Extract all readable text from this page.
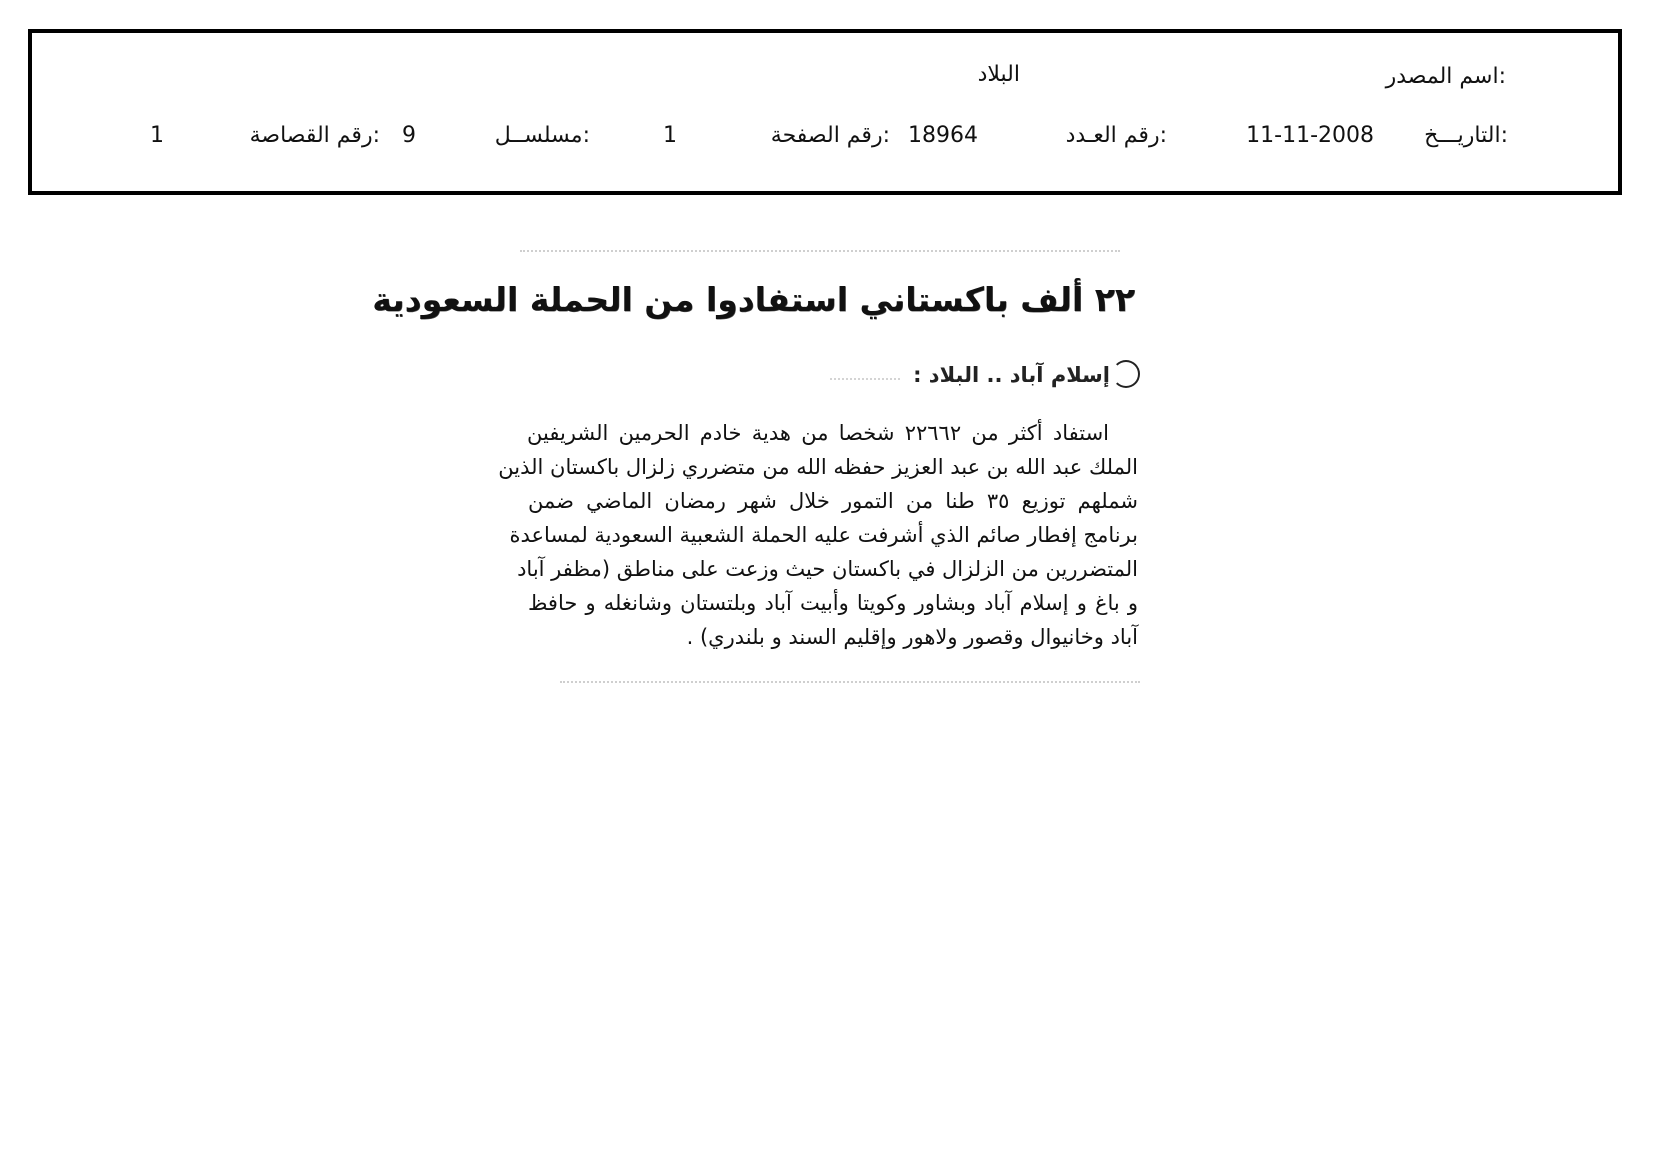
اسم المصدر:
البلاد
التاريـــخ:
11-11-2008
رقم العـدد:
18964
رقم الصفحة:
1
مسلســل:
9
رقم القصاصة:
1
٢٢ ألف باكستاني استفادوا من الحملة السعودية
إسلام آباد .. البلاد :
استفاد أكثر من ٢٢٦٦٢ شخصا من هدية خادم الحرمين الشريفين
الملك عبد الله بن عبد العزيز حفظه الله من متضرري زلزال باكستان الذين
شملهم توزيع ٣٥ طنا من التمور خلال شهر رمضان الماضي ضمن
برنامج إفطار صائم الذي أشرفت عليه الحملة الشعبية السعودية لمساعدة
المتضررين من الزلزال في باكستان حيث وزعت على مناطق (مظفر آباد
و باغ و إسلام آباد وبشاور وكويتا وأبيت آباد وبلتستان وشانغله و حافظ
آباد وخانيوال وقصور ولاهور وإقليم السند و بلندري) .
